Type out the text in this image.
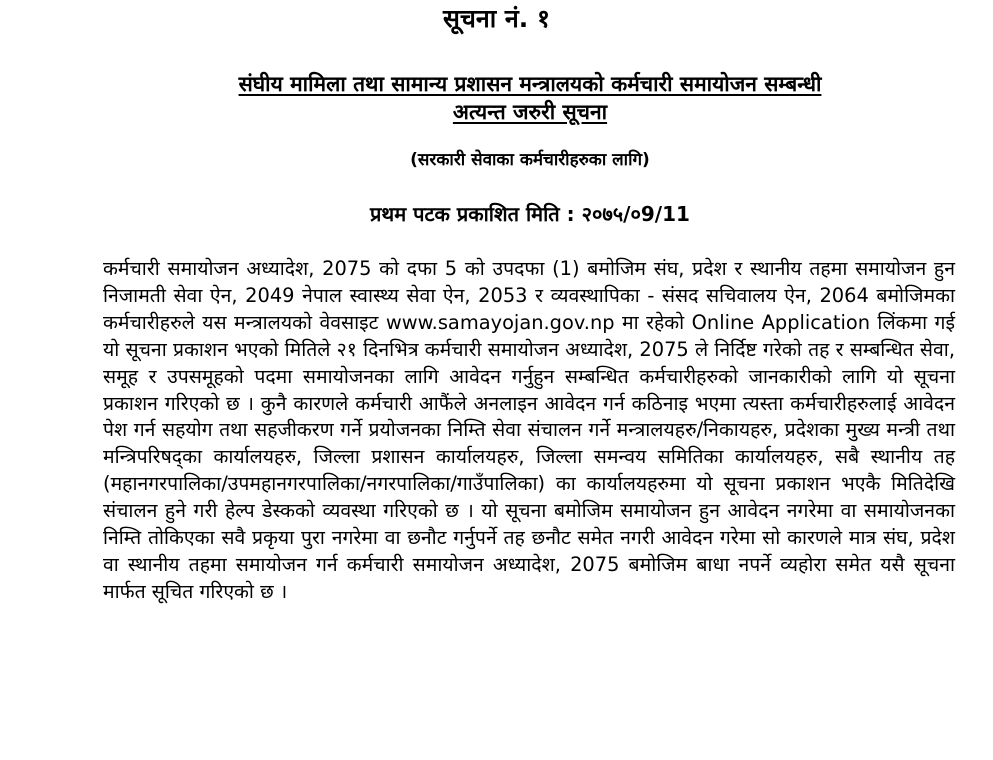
सूचना नं. १
संघीय मामिला तथा सामान्य प्रशासन मन्त्रालयको कर्मचारी समायोजन सम्बन्धी
अत्यन्त जरुरी सूचना

(सरकारी सेवाका कर्मचारीहरुका लागि)

प्रथम पटक प्रकाशित मिति : २०७५/०9/11

कर्मचारी समायोजन अध्यादेश, 2075 को दफा 5 को उपदफा (1) बमोजिम संघ, प्रदेश र स्थानीय तहमा समायोजन हुन निजामती सेवा ऐन, 2049 नेपाल स्वास्थ्य सेवा ऐन, 2053 र व्यवस्थापिका - संसद सचिवालय ऐन, 2064 बमोजिमका कर्मचारीहरुले यस मन्त्रालयको वेवसाइट www.samayojan.gov.np मा रहेको Online Application लिंकमा गई यो सूचना प्रकाशन भएको मितिले २१ दिनभित्र कर्मचारी समायोजन अध्यादेश, 2075 ले निर्दिष्ट गरेको तह र सम्बन्धित सेवा, समूह र उपसमूहको पदमा समायोजनका लागि आवेदन गर्नुहुन सम्बन्धित कर्मचारीहरुको जानकारीको लागि यो सूचना प्रकाशन गरिएको छ । कुनै कारणले कर्मचारी आफैंले अनलाइन आवेदन गर्न कठिनाइ भएमा त्यस्ता कर्मचारीहरुलाई आवेदन पेश गर्न सहयोग तथा सहजीकरण गर्ने प्रयोजनका निम्ति सेवा संचालन गर्ने मन्त्रालयहरु/निकायहरु, प्रदेशका मुख्य मन्त्री तथा मन्त्रिपरिषद्का कार्यालयहरु, जिल्ला प्रशासन कार्यालयहरु, जिल्ला समन्वय समितिका कार्यालयहरु, सबै स्थानीय तह (महानगरपालिका/उपमहानगरपालिका/नगरपालिका/गाउँपालिका) का कार्यालयहरुमा यो सूचना प्रकाशन भएकै मितिदेखि संचालन हुने गरी हेल्प डेस्कको व्यवस्था गरिएको छ । यो सूचना बमोजिम समायोजन हुन आवेदन नगरेमा वा समायोजनका निम्ति तोकिएका सवै प्रकृया पुरा नगरेमा वा छनौट गर्नुपर्ने तह छनौट समेत नगरी आवेदन गरेमा सो कारणले मात्र संघ, प्रदेश वा स्थानीय तहमा समायोजन गर्न कर्मचारी समायोजन अध्यादेश, 2075 बमोजिम बाधा नपर्ने व्यहोरा समेत यसै सूचना मार्फत सूचित गरिएको छ ।
